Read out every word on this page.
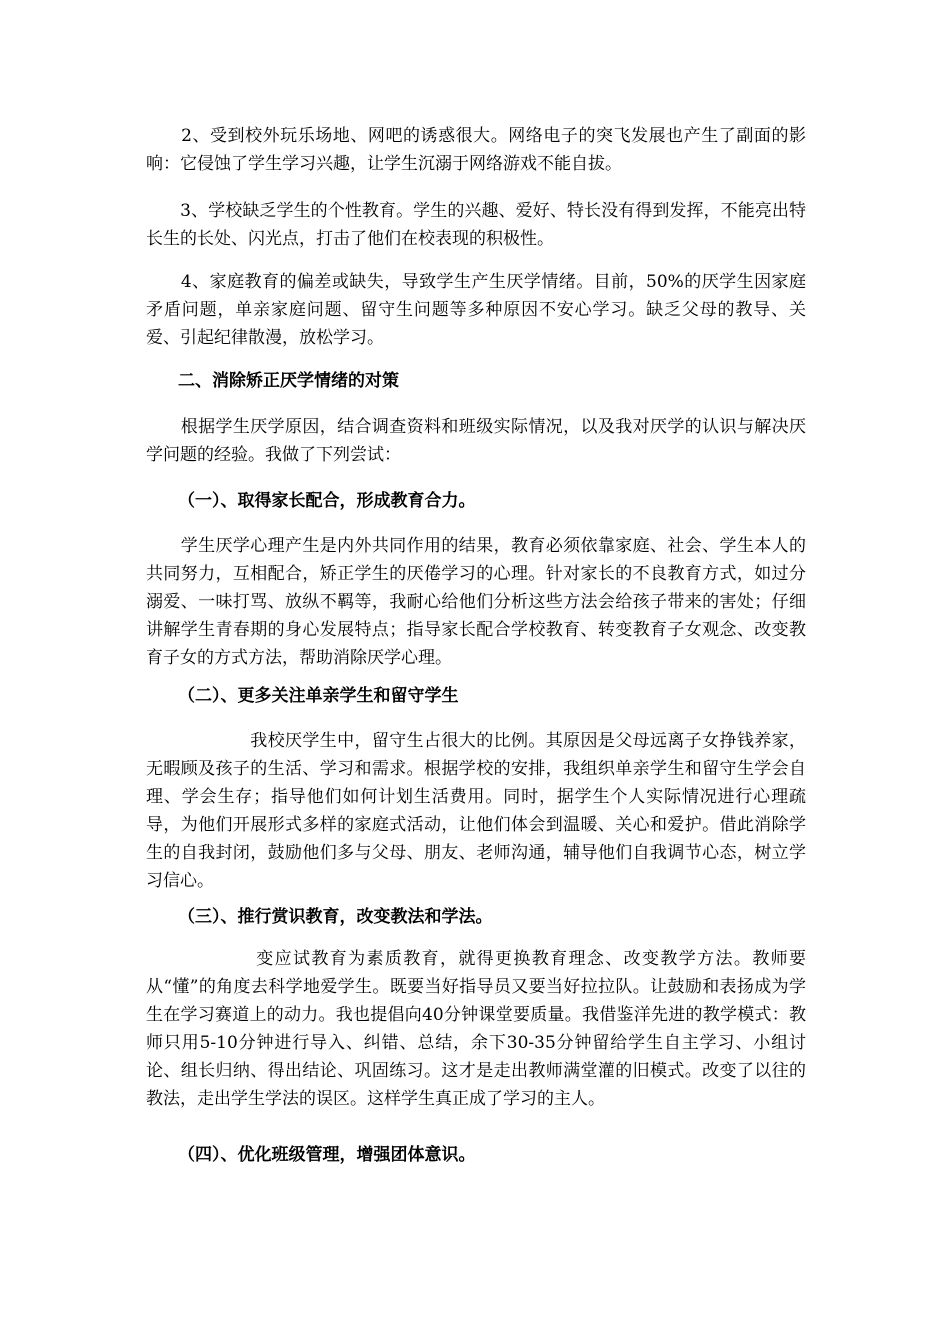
　　2、受到校外玩乐场地、网吧的诱惑很大。网络电子的突飞发展也产生了副面的影响：它侵蚀了学生学习兴趣，让学生沉溺于网络游戏不能自拔。

　　3、学校缺乏学生的个性教育。学生的兴趣、爱好、特长没有得到发挥，不能亮出特长生的长处、闪光点，打击了他们在校表现的积极性。

　　4、家庭教育的偏差或缺失，导致学生产生厌学情绪。目前，50%的厌学生因家庭矛盾问题，单亲家庭问题、留守生问题等多种原因不安心学习。缺乏父母的教导、关爱、引起纪律散漫，放松学习。

二、消除矫正厌学情绪的对策

　　根据学生厌学原因，结合调查资料和班级实际情况，以及我对厌学的认识与解决厌学问题的经验。我做了下列尝试：

（一）、取得家长配合，形成教育合力。

　　学生厌学心理产生是内外共同作用的结果，教育必须依靠家庭、社会、学生本人的共同努力，互相配合，矫正学生的厌倦学习的心理。针对家长的不良教育方式，如过分溺爱、一味打骂、放纵不羁等，我耐心给他们分析这些方法会给孩子带来的害处；仔细讲解学生青春期的身心发展特点；指导家长配合学校教育、转变教育子女观念、改变教育子女的方式方法，帮助消除厌学心理。

（二）、更多关注单亲学生和留守学生

　　　　　　我校厌学生中，留守生占很大的比例。其原因是父母远离子女挣钱养家，无暇顾及孩子的生活、学习和需求。根据学校的安排，我组织单亲学生和留守生学会自理、学会生存；指导他们如何计划生活费用。同时，据学生个人实际情况进行心理疏导，为他们开展形式多样的家庭式活动，让他们体会到温暖、关心和爱护。借此消除学生的自我封闭，鼓励他们多与父母、朋友、老师沟通，辅导他们自我调节心态，树立学习信心。

（三）、推行赏识教育，改变教法和学法。

　　　　　　变应试教育为素质教育，就得更换教育理念、改变教学方法。教师要从“懂”的角度去科学地爱学生。既要当好指导员又要当好拉拉队。让鼓励和表扬成为学生在学习赛道上的动力。我也提倡向40分钟课堂要质量。我借鉴洋先进的教学模式：教师只用5-10分钟进行导入、纠错、总结，余下30-35分钟留给学生自主学习、小组讨论、组长归纳、得出结论、巩固练习。这才是走出教师满堂灌的旧模式。改变了以往的教法，走出学生学法的误区。这样学生真正成了学习的主人。

（四）、优化班级管理，增强团体意识。
